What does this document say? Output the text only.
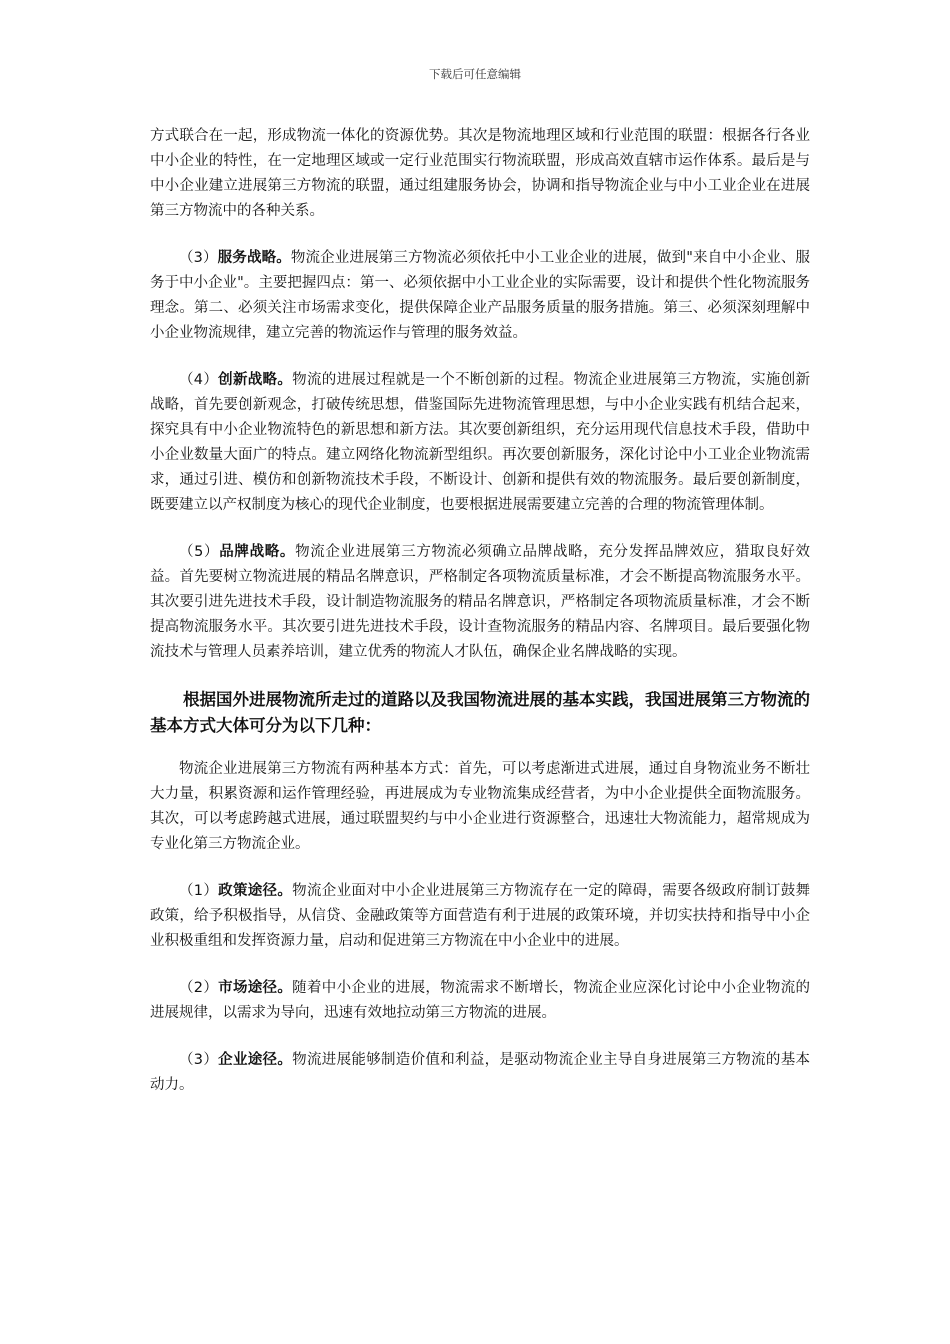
下载后可任意编辑

方式联合在一起，形成物流一体化的资源优势。其次是物流地理区域和行业范围的联盟：根据各行各业中小企业的特性，在一定地理区域或一定行业范围实行物流联盟，形成高效直辖市运作体系。最后是与中小企业建立进展第三方物流的联盟，通过组建服务协会，协调和指导物流企业与中小工业企业在进展第三方物流中的各种关系。

（3）服务战略。物流企业进展第三方物流必须依托中小工业企业的进展，做到"来自中小企业、服务于中小企业"。主要把握四点：第一、必须依据中小工业企业的实际需要，设计和提供个性化物流服务理念。第二、必须关注市场需求变化，提供保障企业产品服务质量的服务措施。第三、必须深刻理解中小企业物流规律，建立完善的物流运作与管理的服务效益。

（4）创新战略。物流的进展过程就是一个不断创新的过程。物流企业进展第三方物流，实施创新战略，首先要创新观念，打破传统思想，借鉴国际先进物流管理思想，与中小企业实践有机结合起来，探究具有中小企业物流特色的新思想和新方法。其次要创新组织，充分运用现代信息技术手段，借助中小企业数量大面广的特点。建立网络化物流新型组织。再次要创新服务，深化讨论中小工业企业物流需求，通过引进、模仿和创新物流技术手段，不断设计、创新和提供有效的物流服务。最后要创新制度，既要建立以产权制度为核心的现代企业制度，也要根据进展需要建立完善的合理的物流管理体制。

（5）品牌战略。物流企业进展第三方物流必须确立品牌战略，充分发挥品牌效应，猎取良好效益。首先要树立物流进展的精品名牌意识，严格制定各项物流质量标准，才会不断提高物流服务水平。其次要引进先进技术手段，设计制造物流服务的精品名牌意识，严格制定各项物流质量标准，才会不断提高物流服务水平。其次要引进先进技术手段，设计查物流服务的精品内容、名牌项目。最后要强化物流技术与管理人员素养培训，建立优秀的物流人才队伍，确保企业名牌战略的实现。

根据国外进展物流所走过的道路以及我国物流进展的基本实践，我国进展第三方物流的基本方式大体可分为以下几种：

物流企业进展第三方物流有两种基本方式：首先，可以考虑渐进式进展，通过自身物流业务不断壮大力量，积累资源和运作管理经验，再进展成为专业物流集成经营者，为中小企业提供全面物流服务。其次，可以考虑跨越式进展，通过联盟契约与中小企业进行资源整合，迅速壮大物流能力，超常规成为专业化第三方物流企业。

（1）政策途径。物流企业面对中小企业进展第三方物流存在一定的障碍，需要各级政府制订鼓舞政策，给予积极指导，从信贷、金融政策等方面营造有利于进展的政策环境，并切实扶持和指导中小企业积极重组和发挥资源力量，启动和促进第三方物流在中小企业中的进展。

（2）市场途径。随着中小企业的进展，物流需求不断增长，物流企业应深化讨论中小企业物流的进展规律，以需求为导向，迅速有效地拉动第三方物流的进展。

（3）企业途径。物流进展能够制造价值和利益，是驱动物流企业主导自身进展第三方物流的基本动力。
